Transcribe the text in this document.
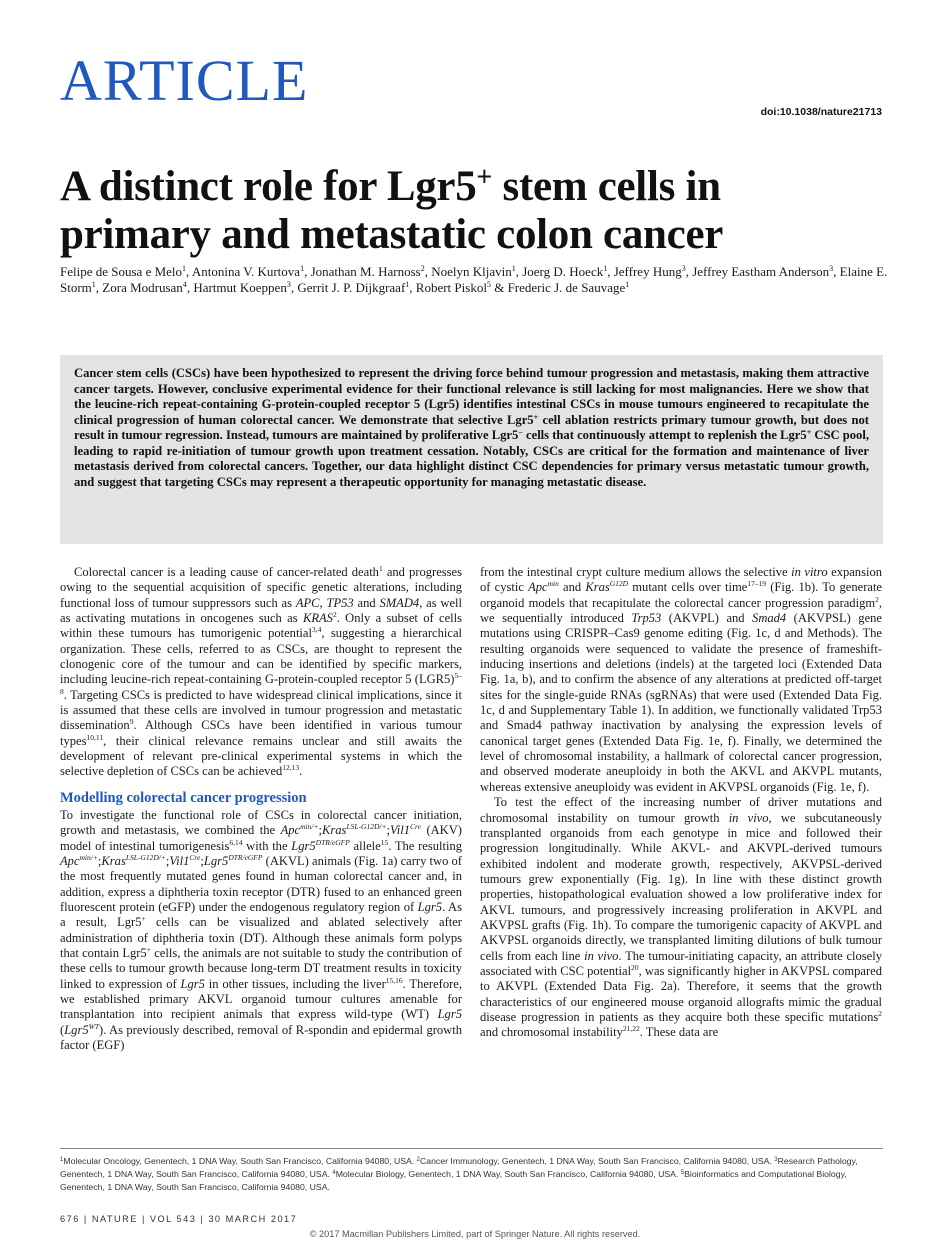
ARTICLE	doi:10.1038/nature21713
A distinct role for Lgr5+ stem cells in
primary and metastatic colon cancer
Felipe de Sousa e Melo$^1$, Antonina V. Kurtova$^1$, Jonathan M. Harnoss$^2$, Noelyn Kljavin$^1$, Joerg D. Hoeck$^1$, Jeffrey Hung$^3$, Jeffrey Eastham Anderson$^3$, Elaine E. Storm$^1$, Zora Modrusan$^4$, Hartmut Koeppen$^3$, Gerrit J. P. Dijkgraaf$^1$, Robert Piskol$^5$ & Frederic J. de Sauvage$^1$

Cancer stem cells (CSCs) have been hypothesized to represent the driving force behind tumour progression and metastasis, making them attractive cancer targets. However, conclusive experimental evidence for their functional relevance is still lacking for most malignancies. Here we show that the leucine-rich repeat-containing G-protein-coupled receptor 5 (Lgr5) identifies intestinal CSCs in mouse tumours engineered to recapitulate the clinical progression of human colorectal cancer. We demonstrate that selective Lgr5+ cell ablation restricts primary tumour growth, but does not result in tumour regression. Instead, tumours are maintained by proliferative Lgr5− cells that continuously attempt to replenish the Lgr5+ CSC pool, leading to rapid re-initiation of tumour growth upon treatment cessation. Notably, CSCs are critical for the formation and maintenance of liver metastasis derived from colorectal cancers. Together, our data highlight distinct CSC dependencies for primary versus metastatic tumour growth, and suggest that targeting CSCs may represent a therapeutic opportunity for managing metastatic disease.

Colorectal cancer is a leading cause of cancer-related death$^1$ and progresses owing to the sequential acquisition of specific genetic alterations, including functional loss of tumour suppressors such as APC, TP53 and SMAD4, as well as activating mutations in oncogenes such as KRAS$^2$. Only a subset of cells within these tumours has tumorigenic potential$^{3,4}$, suggesting a hierarchical organization. These cells, referred to as CSCs, are thought to represent the clonogenic core of the tumour and can be identified by specific markers, including leucine-rich repeat-containing G-protein-coupled receptor 5 $(LGR5)^{5-8}$. Targeting CSCs is predicted to have widespread clinical implications, since it is assumed that these cells are involved in tumour progression and metastatic dissemination$^9$. Although CSCs have been identified in various tumour types$^{10,11}$, their clinical relevance remains unclear and still awaits the development of relevant pre-clinical experimental systems in which the selective depletion of CSCs can be achieved$^{12,13}$.

Modelling colorectal cancer progression

To investigate the functional role of CSCs in colorectal cancer initiation, growth and metastasis, we combined the $Apc^{min/+};Kras^{LSL-G12D/+};Vil1^{Cre}$ (AKV) model of intestinal tumorigenesis$^{6,14}$ with the $Lgr5^{DTR/eGFP}$ allele$^{15}$. The resulting $Apc^{min/+};Kras^{LSL-G12D/+};Vil1^{Cre};Lgr5^{DTR/eGFP}$ (AKVL) animals (Fig. 1a) carry two of the most frequently mutated genes found in human colorectal cancer and, in addition, express a diphtheria toxin receptor (DTR) fused to an enhanced green fluorescent protein (eGFP) under the endogenous regulatory region of Lgr5. As a result, Lgr5+ cells can be visualized and ablated selectively after administration of diphtheria toxin (DT). Although these animals form polyps that contain Lgr5+ cells, the animals are not suitable to study the contribution of these cells to tumour growth because long-term DT treatment results in toxicity linked to expression of Lgr5 in other tissues, including the liver$^{15,16}$. Therefore, we established primary AKVL organoid tumour cultures amenable for transplantation into recipient animals that express wild-type (WT) Lgr5 $(Lgr5^{WT})$. As previously described, removal of R-spondin and epidermal growth factor (EGF)

from the intestinal crypt culture medium allows the selective in vitro expansion of cystic Apc$^{min}$ and Kras$^{G12D}$ mutant cells over time$^{17-19}$ (Fig. 1b). To generate organoid models that recapitulate the colorectal cancer progression paradigm$^2$, we sequentially introduced Trp53 (AKVPL) and Smad4 (AKVPSL) gene mutations using CRISPR–Cas9 genome editing (Fig. 1c, d and Methods). The resulting organoids were sequenced to validate the presence of frameshift-inducing insertions and deletions (indels) at the targeted loci (Extended Data Fig. 1a, b), and to confirm the absence of any alterations at predicted off-target sites for the single-guide RNAs (sgRNAs) that were used (Extended Data Fig. 1c, d and Supplementary Table 1). In addition, we functionally validated Trp53 and Smad4 pathway inactivation by analysing the expression levels of canonical target genes (Extended Data Fig. 1e, f). Finally, we determined the level of chromosomal instability, a hallmark of colorectal cancer progression, and observed moderate aneuploidy in both the AKVL and AKVPL mutants, whereas extensive aneuploidy was evident in AKVPSL organoids (Fig. 1e, f).

To test the effect of the increasing number of driver mutations and chromosomal instability on tumour growth in vivo, we subcutaneously transplanted organoids from each genotype in mice and followed their progression longitudinally. While AKVL- and AKVPL-derived tumours exhibited indolent and moderate growth, respectively, AKVPSL-derived tumours grew exponentially (Fig. 1g). In line with these distinct growth properties, histopathological evaluation showed a low proliferative index for AKVL tumours, and progressively increasing proliferation in AKVPL and AKVPSL grafts (Fig. 1h). To compare the tumorigenic capacity of AKVPL and AKVPSL organoids directly, we transplanted limiting dilutions of bulk tumour cells from each line in vivo. The tumour-initiating capacity, an attribute closely associated with CSC potential$^{20}$, was significantly higher in AKVPSL compared to AKVPL (Extended Data Fig. 2a). Therefore, it seems that the growth characteristics of our engineered mouse organoid allografts mimic the gradual disease progression in patients as they acquire both these specific mutations$^2$ and chromosomal instability$^{21,22}$. These data are

$^1$Molecular Oncology, Genentech, 1 DNA Way, South San Francisco, California 94080, USA. $^2$Cancer Immunology, Genentech, 1 DNA Way, South San Francisco, California 94080, USA. $^3$Research Pathology, Genentech, 1 DNA Way, South San Francisco, California 94080, USA. $^4$Molecular Biology, Genentech, 1 DNA Way, South San Francisco, California 94080, USA. $^5$Bioinformatics and Computational Biology, Genentech, 1 DNA Way, South San Francisco, California 94080, USA.
676 | NATURE | VOL 543 | 30 MARCH 2017
© 2017 Macmillan Publishers Limited, part of Springer Nature. All rights reserved.
